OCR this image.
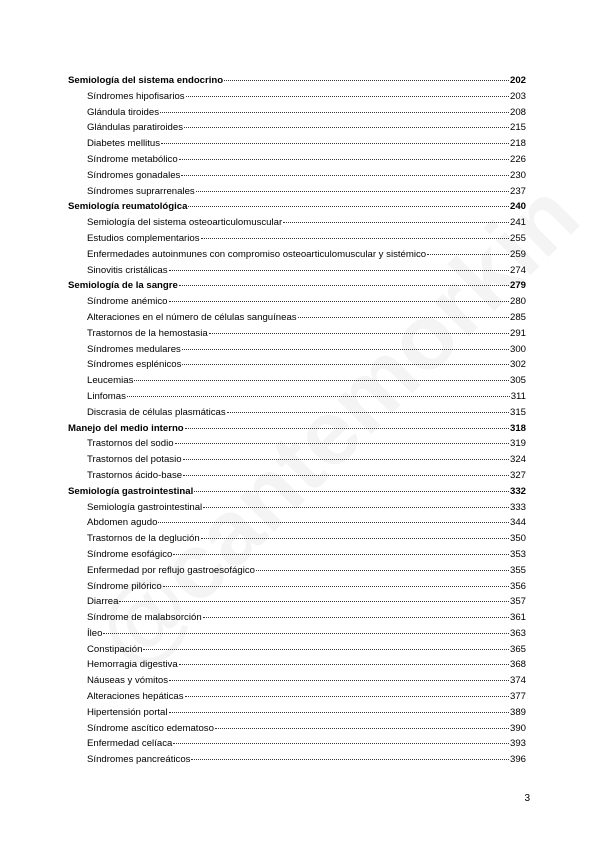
Semiología del sistema endocrino	202
Síndromes hipofisarios	203
Glándula tiroides	208
Glándulas paratiroides	215
Diabetes mellitus	218
Síndrome metabólico	226
Síndromes gonadales	230
Síndromes suprarrenales	237
Semiología reumatológica	240
Semiología del sistema osteoarticulomuscular	241
Estudios complementarios	255
Enfermedades autoinmunes con compromiso osteoarticulomuscular y sistémico	259
Sinovitis cristálicas	274
Semiología de la sangre	279
Síndrome anémico	280
Alteraciones en el número de células sanguíneas	285
Trastornos de la hemostasia	291
Síndromes medulares	300
Síndromes esplénicos	302
Leucemias	305
Linfomas	311
Discrasia de células plasmáticas	315
Manejo del medio interno	318
Trastornos del sodio	319
Trastornos del potasio	324
Trastornos ácido-base	327
Semiología gastrointestinal	332
Semiología gastrointestinal	333
Abdomen agudo	344
Trastornos de la deglución	350
Síndrome esofágico	353
Enfermedad por reflujo gastroesofágico	355
Síndrome pilórico	356
Diarrea	357
Síndrome de malabsorción	361
Íleo	363
Constipación	365
Hemorragia digestiva	368
Náuseas y vómitos	374
Alteraciones hepáticas	377
Hipertensión portal	389
Síndrome ascítico edematoso	390
Enfermedad celíaca	393
Síndromes pancreáticos	396
3
